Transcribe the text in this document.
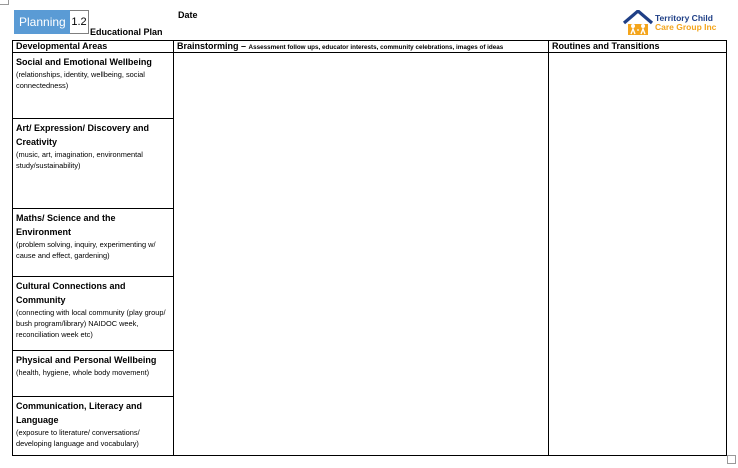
Planning 1.2
Educational Plan
Date	Territory Child
Care Group Inc
Developmental Areas	Brainstorming – Assessment follow ups, educator interests, community celebrations, images of ideas	Routines and Transitions

Social and Emotional Wellbeing
(relationships, identity, wellbeing, social connectedness)		

Art/ Expression/ Discovery and Creativity
(music, art, imagination, environmental study/sustainability)		

Maths/ Science and the Environment
(problem solving, inquiry, experimenting w/ cause and effect, gardening)		

Cultural Connections and Community
(connecting with local community (play group/ bush program/library) NAIDOC week, reconciliation week etc)		

Physical and Personal Wellbeing
(health, hygiene, whole body movement)		

Communication, Literacy and Language
(exposure to literature/ conversations/ developing language and vocabulary)		
